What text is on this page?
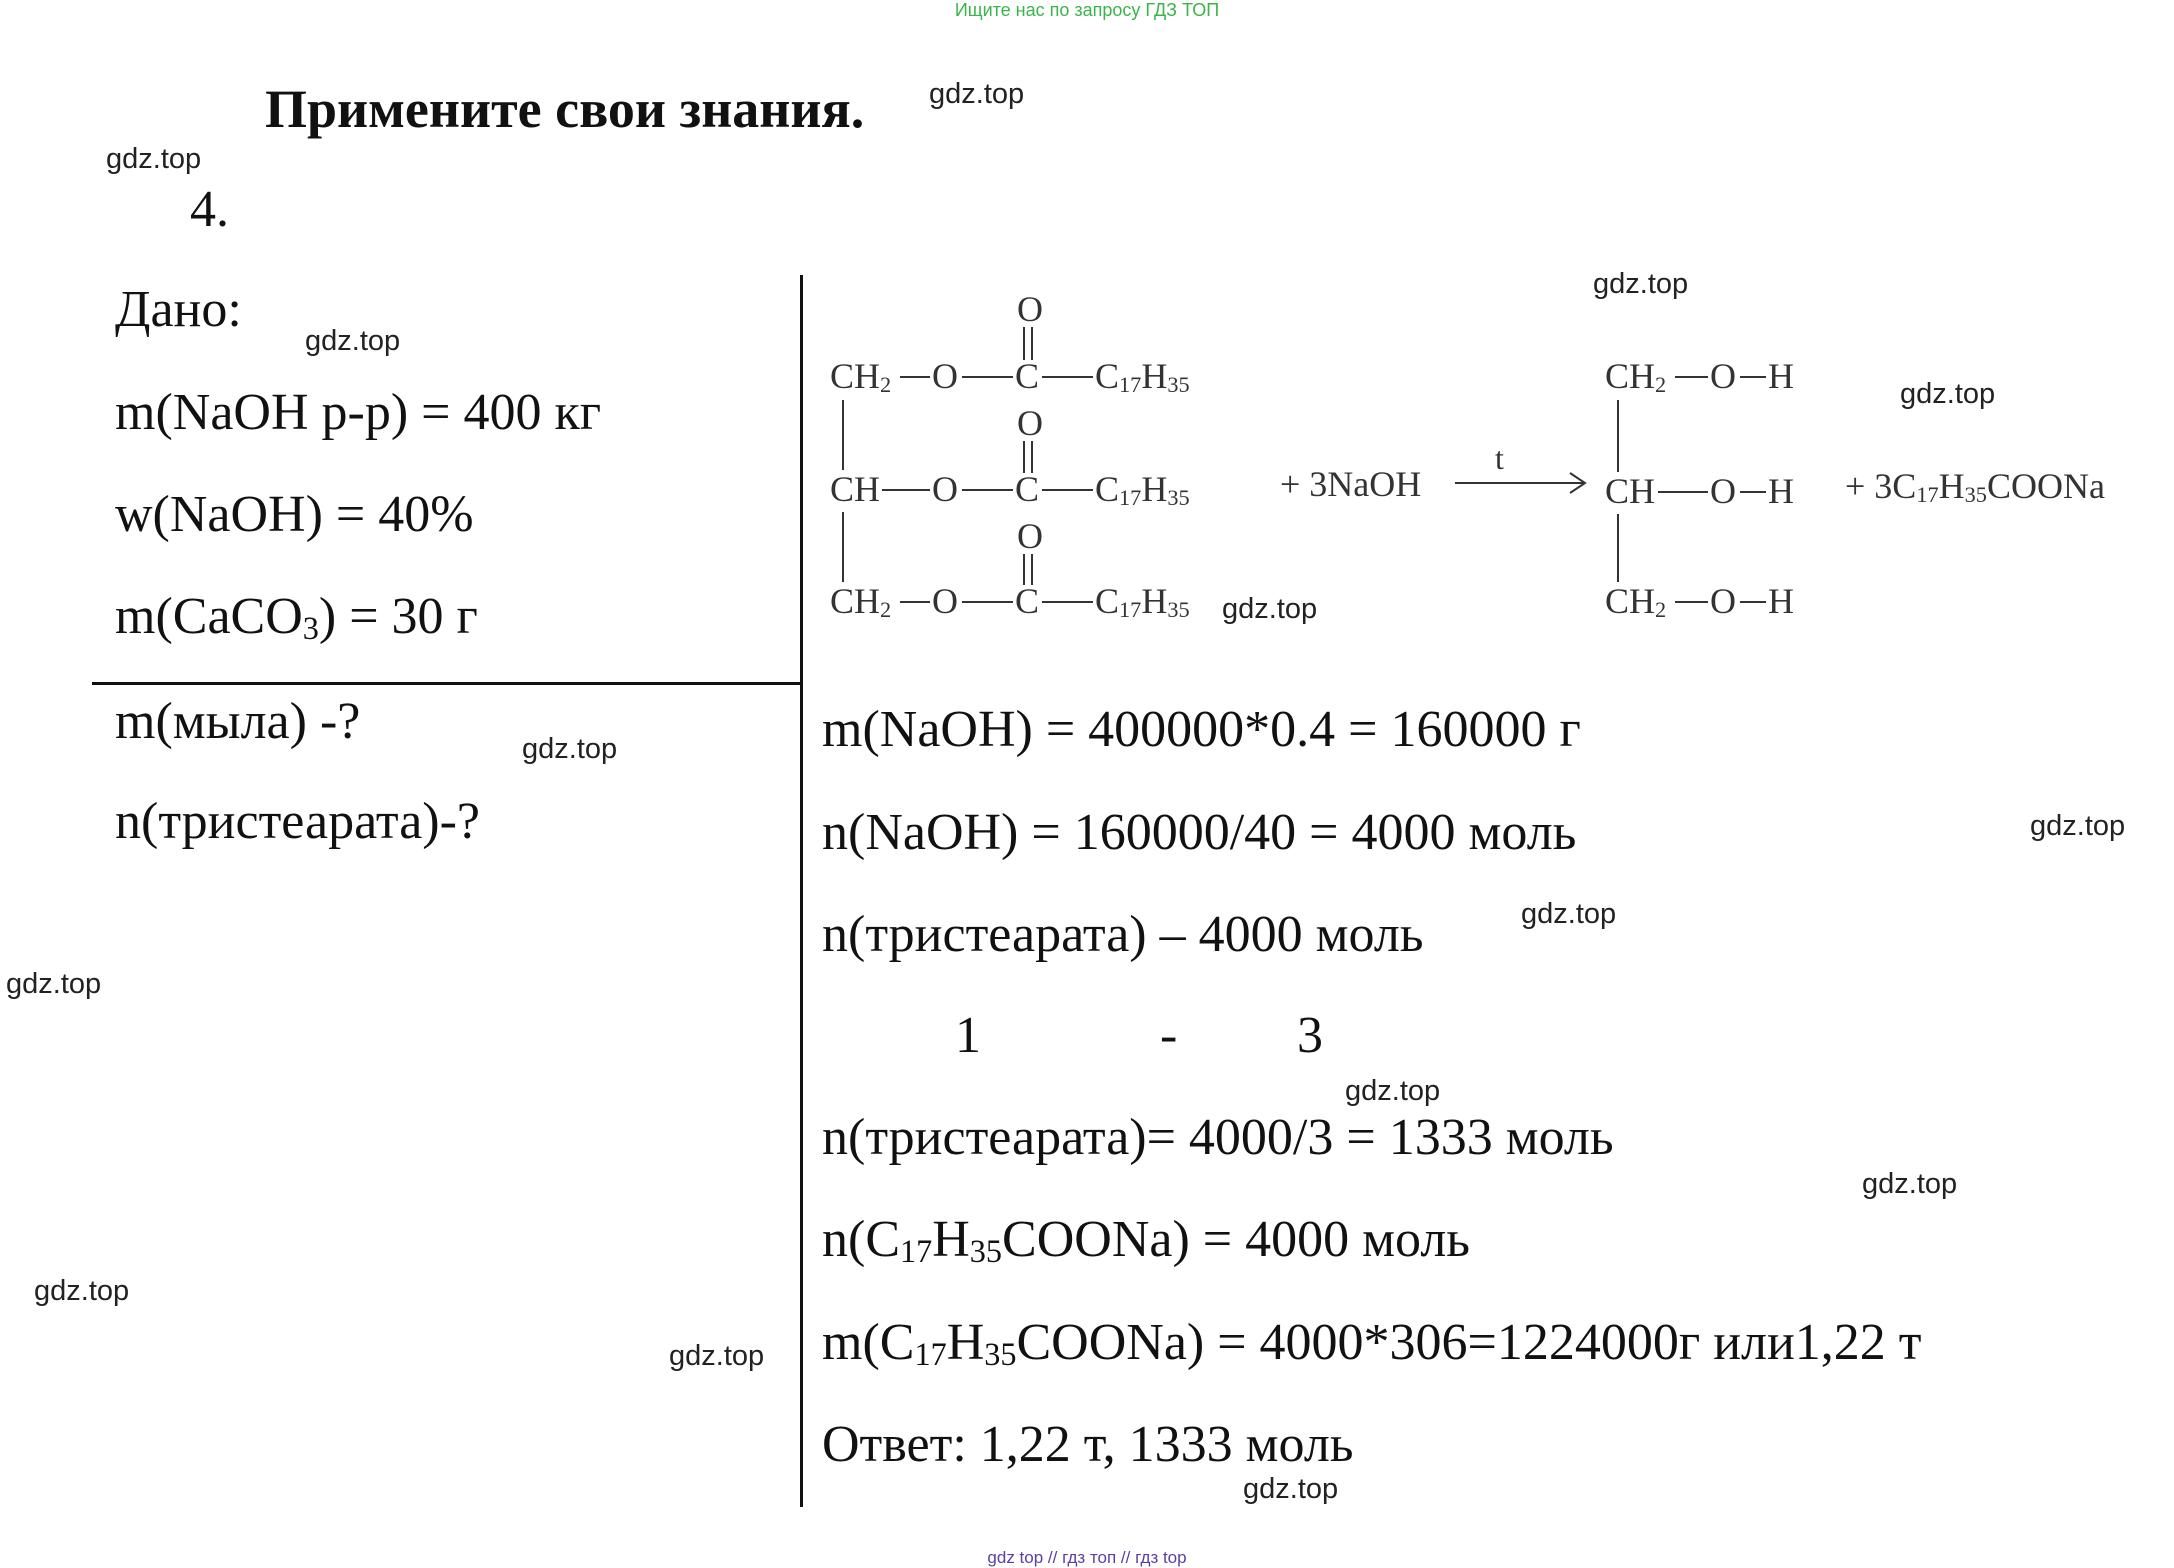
Ищите нас по запросу ГДЗ ТОП
Примените свои знания.
4.
Дано:
m(NaOH р-р) = 400 кг
w(NaOH) = 40%
m(CaCO$_3$) = 30 г
m(мыла) -?
n(тристеарата)-?
$CH_2$
CH
$CH_2$
O
O
O
C
C
C
O
O
O
$C_{17}H_{35}$
$C_{17}H_{35}$
$C_{17}H_{35}$
+ 3NaOH
t
$CH_2$
CH
$CH_2$
O
O
O
H
H
H
+ $3C_{17}H_{35}COONa$
m(NaOH) = 400000*0.4 = 160000 г
n(NaOH) = 160000/40 = 4000 моль
n(тристеарата) – 4000 моль
1	- 3
n(тристеарата)= 4000/3 = 1333 моль
$n(C_{17}H_{35}COONa) = 4000$ моль
$m(C_{17}H_{35}COONa) = 4000*306=1224000г$ или1,22 т
Ответ: 1,22 т, 1333 моль
gdz.top
gdz.top
gdz.top
gdz.top
gdz.top
gdz.top
gdz.top
gdz.top
gdz.top
gdz.top
gdz.top
gdz.top
gdz.top
gdz.top
gdz.top
gdz top // гдз топ // гдз top
